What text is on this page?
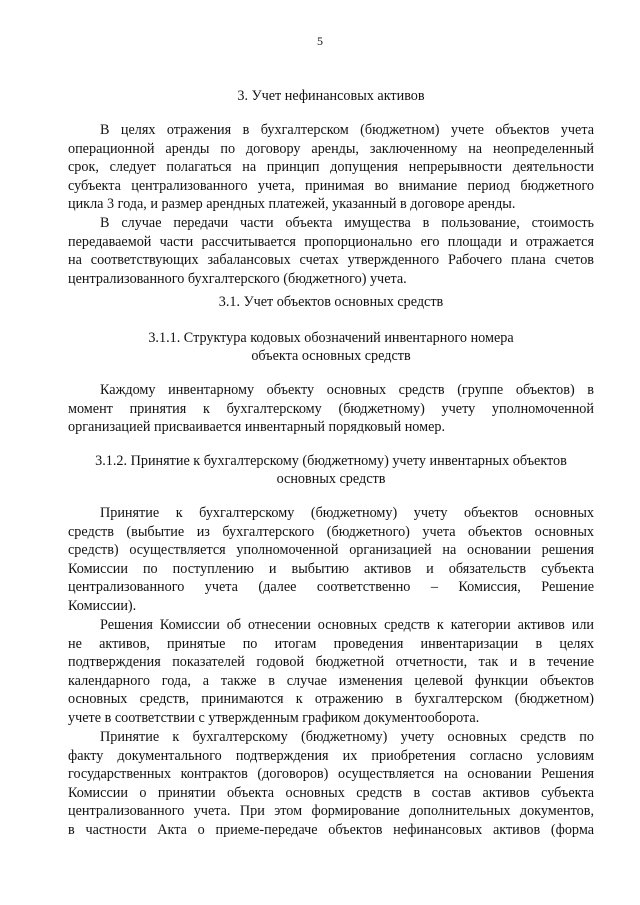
5
3. Учет нефинансовых активов
В целях отражения в бухгалтерском (бюджетном) учете объектов учета
операционной аренды по договору аренды, заключенному на неопределенный
срок, следует полагаться на принцип допущения непрерывности деятельности
субъекта централизованного учета, принимая во внимание период бюджетного
цикла 3 года, и размер арендных платежей, указанный в договоре аренды.
В случае передачи части объекта имущества в пользование, стоимость
передаваемой части рассчитывается пропорционально его площади и отражается
на соответствующих забалансовых счетах утвержденного Рабочего плана счетов
централизованного бухгалтерского (бюджетного) учета.
3.1. Учет объектов основных средств
3.1.1. Структура кодовых обозначений инвентарного номера
объекта основных средств
Каждому инвентарному объекту основных средств (группе объектов) в
момент принятия к бухгалтерскому (бюджетному) учету уполномоченной
организацией присваивается инвентарный порядковый номер.
3.1.2. Принятие к бухгалтерскому (бюджетному) учету инвентарных объектов
основных средств
Принятие к бухгалтерскому (бюджетному) учету объектов основных
средств (выбытие из бухгалтерского (бюджетного) учета объектов основных
средств) осуществляется уполномоченной организацией на основании решения
Комиссии по поступлению и выбытию активов и обязательств субъекта
централизованного учета (далее соответственно – Комиссия, Решение
Комиссии).
Решения Комиссии об отнесении основных средств к категории активов или
не активов, принятые по итогам проведения инвентаризации в целях
подтверждения показателей годовой бюджетной отчетности, так и в течение
календарного года, а также в случае изменения целевой функции объектов
основных средств, принимаются к отражению в бухгалтерском (бюджетном)
учете в соответствии с утвержденным графиком документооборота.
Принятие к бухгалтерскому (бюджетному) учету основных средств по
факту документального подтверждения их приобретения согласно условиям
государственных контрактов (договоров) осуществляется на основании Решения
Комиссии о принятии объекта основных средств в состав активов субъекта
централизованного учета. При этом формирование дополнительных документов,
в частности Акта о приеме-передаче объектов нефинансовых активов (форма
